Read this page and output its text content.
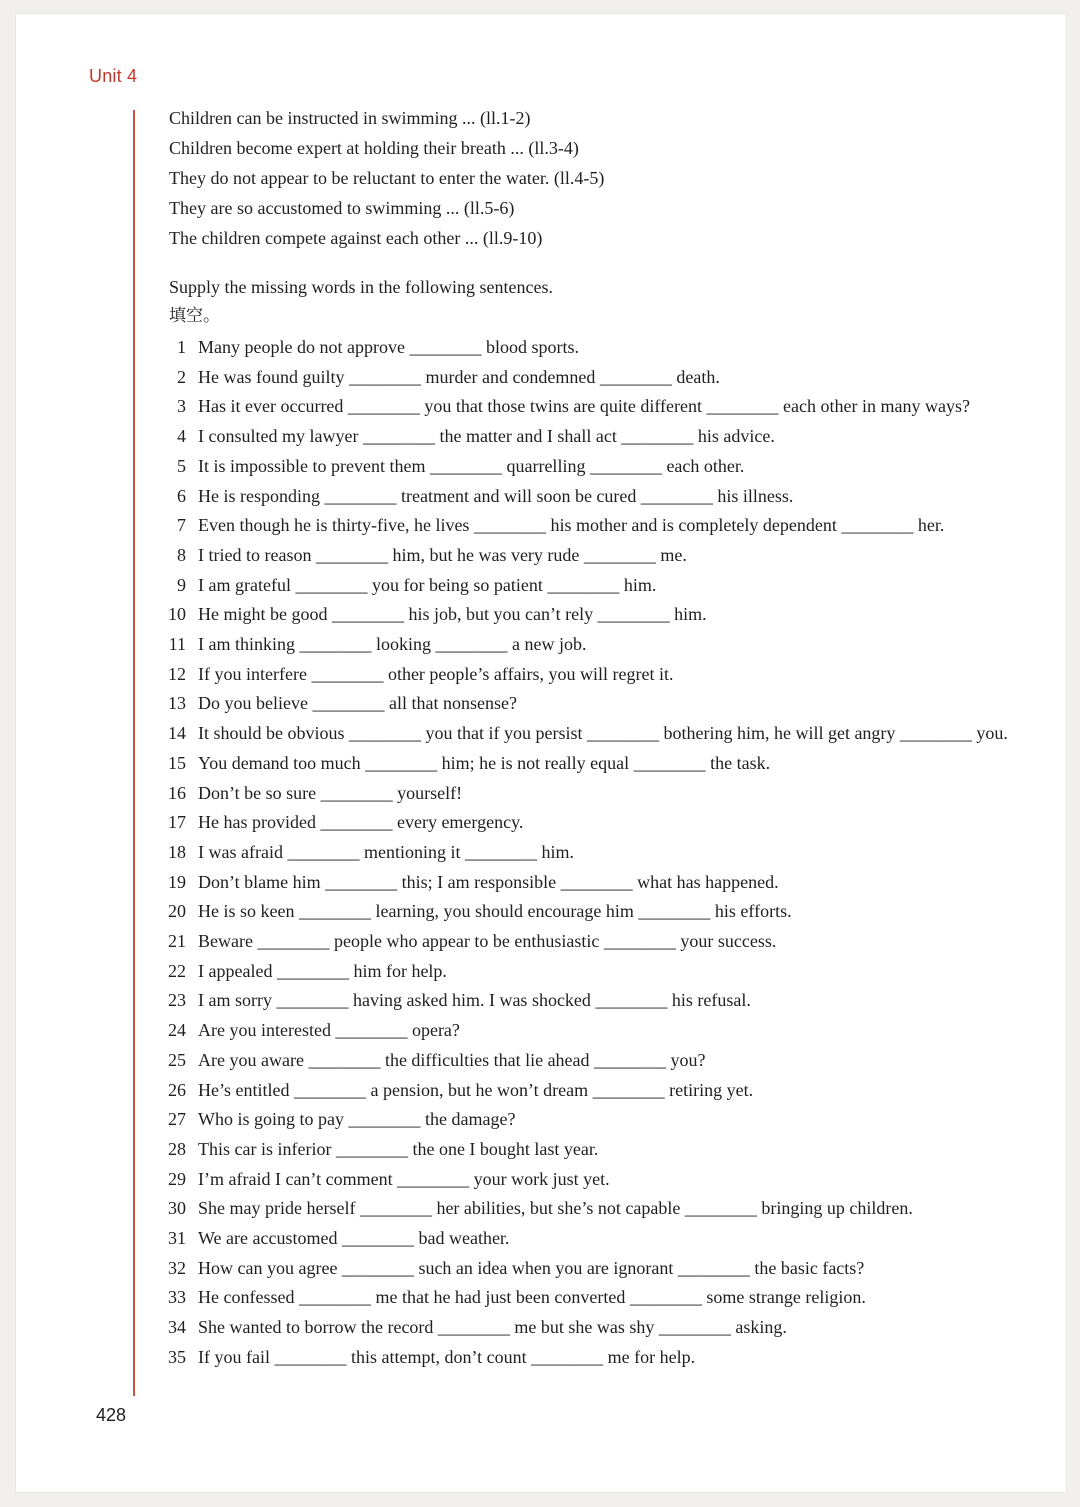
Unit 4
Children can be instructed in swimming ... (ll.1-2)
Children become expert at holding their breath ... (ll.3-4)
They do not appear to be reluctant to enter the water. (ll.4-5)
They are so accustomed to swimming ... (ll.5-6)
The children compete against each other ... (ll.9-10)
Supply the missing words in the following sentences.
填空。
1 Many people do not approve ________ blood sports.
2 He was found guilty ________ murder and condemned ________ death.
3 Has it ever occurred ________ you that those twins are quite different ________ each other in many ways?
4 I consulted my lawyer ________ the matter and I shall act ________ his advice.
5 It is impossible to prevent them ________ quarrelling ________ each other.
6 He is responding ________ treatment and will soon be cured ________ his illness.
7 Even though he is thirty-five, he lives ________ his mother and is completely dependent ________ her.
8 I tried to reason ________ him, but he was very rude ________ me.
9 I am grateful ________ you for being so patient ________ him.
10 He might be good ________ his job, but you can’t rely ________ him.
11 I am thinking ________ looking ________ a new job.
12 If you interfere ________ other people’s affairs, you will regret it.
13 Do you believe ________ all that nonsense?
14 It should be obvious ________ you that if you persist ________ bothering him, he will get angry ________ you.
15 You demand too much ________ him; he is not really equal ________ the task.
16 Don’t be so sure ________ yourself!
17 He has provided ________ every emergency.
18 I was afraid ________ mentioning it ________ him.
19 Don’t blame him ________ this; I am responsible ________ what has happened.
20 He is so keen ________ learning, you should encourage him ________ his efforts.
21 Beware ________ people who appear to be enthusiastic ________ your success.
22 I appealed ________ him for help.
23 I am sorry ________ having asked him. I was shocked ________ his refusal.
24 Are you interested ________ opera?
25 Are you aware ________ the difficulties that lie ahead ________ you?
26 He’s entitled ________ a pension, but he won’t dream ________ retiring yet.
27 Who is going to pay ________ the damage?
28 This car is inferior ________ the one I bought last year.
29 I’m afraid I can’t comment ________ your work just yet.
30 She may pride herself ________ her abilities, but she’s not capable ________ bringing up children.
31 We are accustomed ________ bad weather.
32 How can you agree ________ such an idea when you are ignorant ________ the basic facts?
33 He confessed ________ me that he had just been converted ________ some strange religion.
34 She wanted to borrow the record ________ me but she was shy ________ asking.
35 If you fail ________ this attempt, don’t count ________ me for help.
428
